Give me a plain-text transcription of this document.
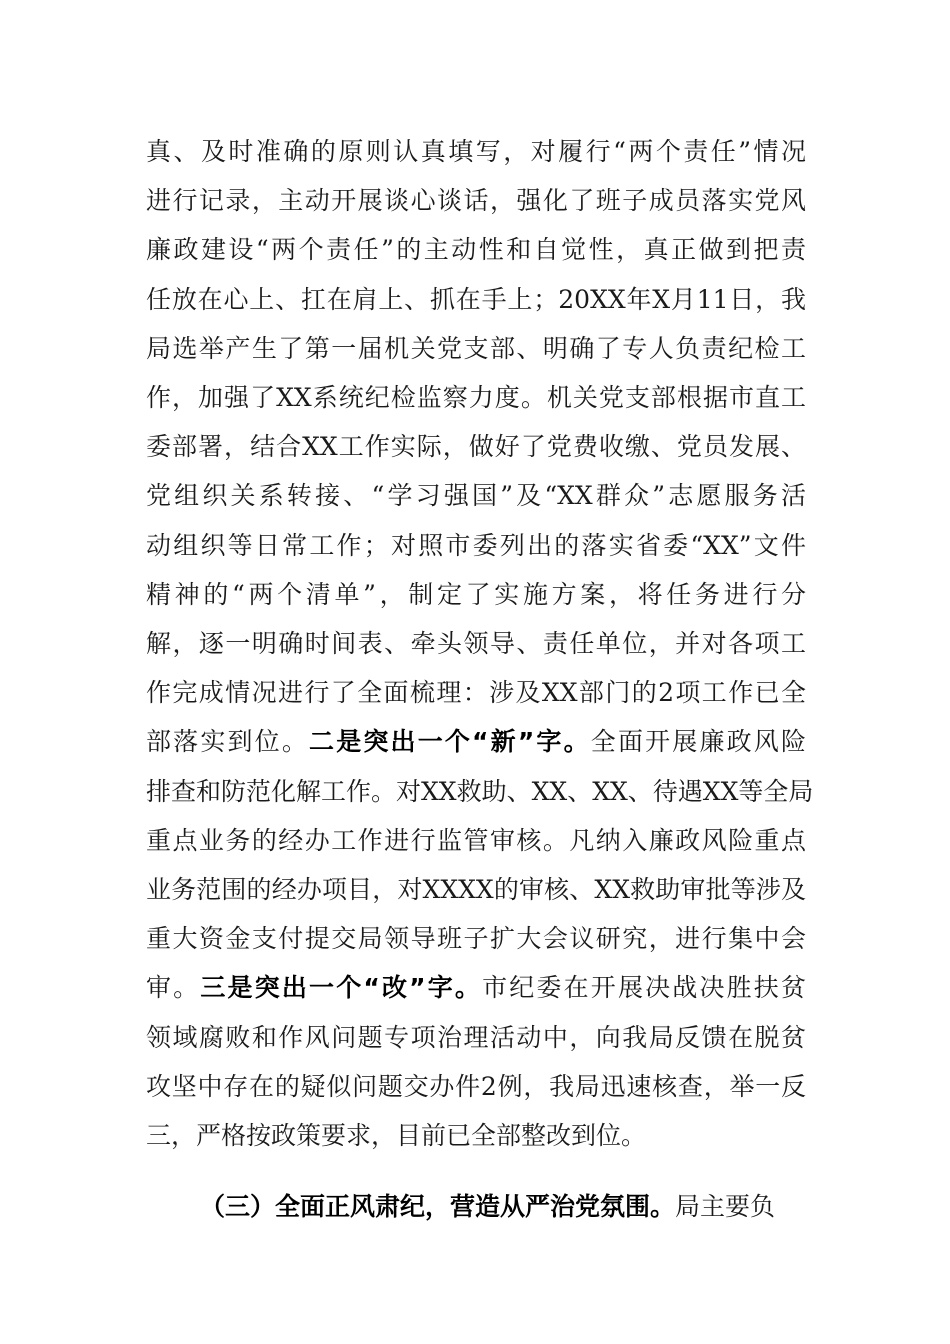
真、及时准确的原则认真填写，对履行“两个责任”情况
进行记录，主动开展谈心谈话，强化了班子成员落实党风
廉政建设“两个责任”的主动性和自觉性，真正做到把责
任放在心上、扛在肩上、抓在手上；20XX年X月11日，我
局选举产生了第一届机关党支部、明确了专人负责纪检工
作，加强了XX系统纪检监察力度。机关党支部根据市直工
委部署，结合XX工作实际，做好了党费收缴、党员发展、
党组织关系转接、“学习强国”及“XX群众”志愿服务活
动组织等日常工作；对照市委列出的落实省委“XX”文件
精神的“两个清单”，制定了实施方案，将任务进行分
解，逐一明确时间表、牵头领导、责任单位，并对各项工
作完成情况进行了全面梳理：涉及XX部门的2项工作已全
部落实到位。二是突出一个“新”字。全面开展廉政风险
排查和防范化解工作。对XX救助、XX、XX、待遇XX等全局
重点业务的经办工作进行监管审核。凡纳入廉政风险重点
业务范围的经办项目，对XXXX的审核、XX救助审批等涉及
重大资金支付提交局领导班子扩大会议研究，进行集中会
审。三是突出一个“改”字。市纪委在开展决战决胜扶贫
领域腐败和作风问题专项治理活动中，向我局反馈在脱贫
攻坚中存在的疑似问题交办件2例，我局迅速核查，举一反
三，严格按政策要求，目前已全部整改到位。
（三）全面正风肃纪，营造从严治党氛围。局主要负
